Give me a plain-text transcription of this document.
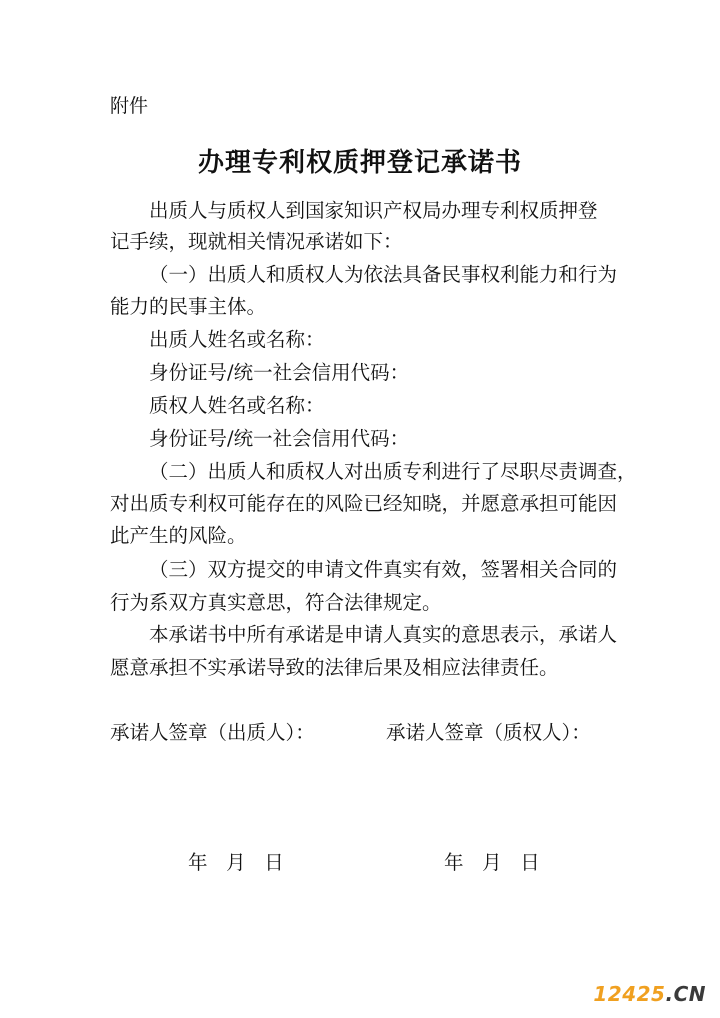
附件
办理专利权质押登记承诺书
出质人与质权人到国家知识产权局办理专利权质押登
记手续，现就相关情况承诺如下：
（一）出质人和质权人为依法具备民事权利能力和行为
能力的民事主体。
出质人姓名或名称：
身份证号/统一社会信用代码：
质权人姓名或名称：
身份证号/统一社会信用代码：
（二）出质人和质权人对出质专利进行了尽职尽责调查，
对出质专利权可能存在的风险已经知晓，并愿意承担可能因
此产生的风险。
（三）双方提交的申请文件真实有效，签署相关合同的
行为系双方真实意思，符合法律规定。
本承诺书中所有承诺是申请人真实的意思表示，承诺人
愿意承担不实承诺导致的法律后果及相应法律责任。
承诺人签章（出质人）：	承诺人签章（质权人）：
年   月   日	年   月   日
12425.CN
